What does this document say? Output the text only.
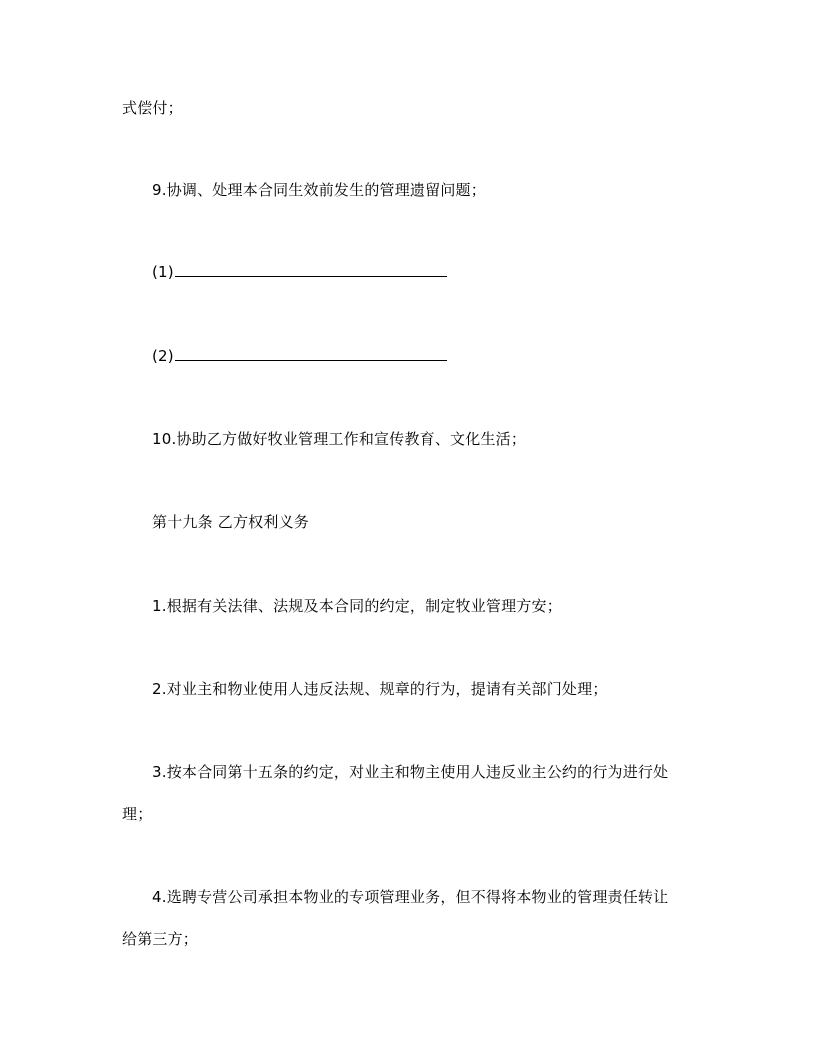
式偿付；
9.协调、处理本合同生效前发生的管理遗留问题；
(1)
(2)
10.协助乙方做好牧业管理工作和宣传教育、文化生活；
第十九条 乙方权利义务
1.根据有关法律、法规及本合同的约定，制定牧业管理方安；
2.对业主和物业使用人违反法规、规章的行为，提请有关部门处理；
3.按本合同第十五条的约定，对业主和物主使用人违反业主公约的行为进行处
理；
4.选聘专营公司承担本物业的专项管理业务，但不得将本物业的管理责任转让
给第三方；
